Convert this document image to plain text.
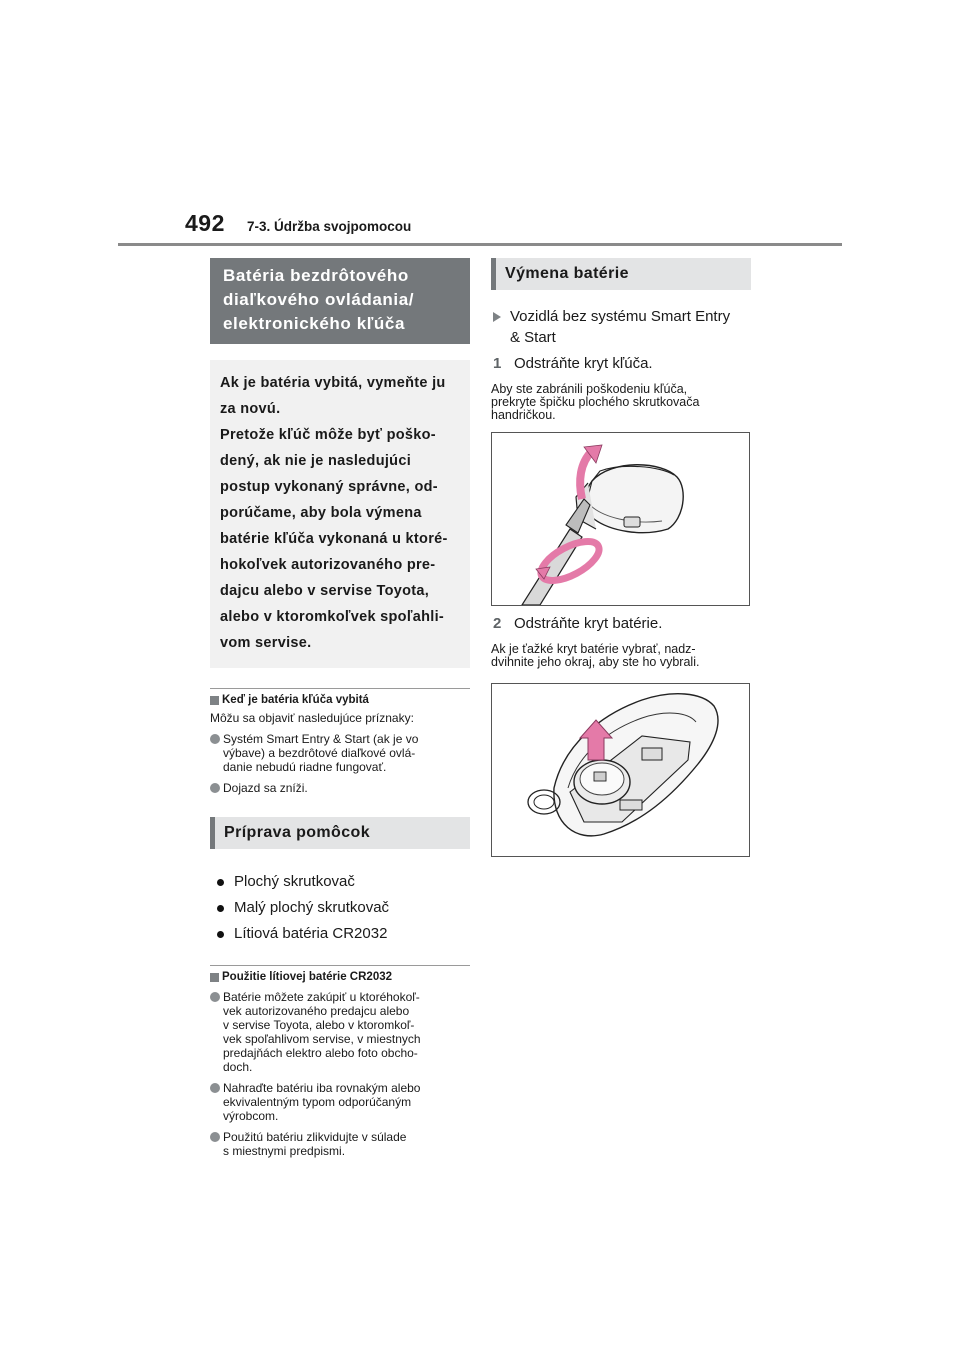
492 7-3. Údržba svojpomocou
Batéria bezdrôtového
diaľkového ovládania/
elektronického kľúča

Ak je batéria vybitá, vymeňte ju

za novú.

Pretože kľúč môže byť poško-

dený, ak nie je nasledujúci

postup vykonaný správne, od-

porúčame, aby bola výmena

batérie kľúča vykonaná u ktoré-

hokoľvek autorizovaného pre-

dajcu alebo v servise Toyota,

alebo v ktoromkoľvek spoľahli-

vom servise.

Keď je batéria kľúča vybitá
Môžu sa objaviť nasledujúce príznaky:
Systém Smart Entry & Start (ak je vo
výbave) a bezdrôtové diaľkové ovlá-
danie nebudú riadne fungovať.
Dojazd sa zníži.
Príprava pomôcok
Plochý skrutkovač
Malý plochý skrutkovač
Lítiová batéria CR2032
Použitie lítiovej batérie CR2032
Batérie môžete zakúpiť u ktoréhokoľ-
vek autorizovaného predajcu alebo
v servise Toyota, alebo v ktoromkoľ-
vek spoľahlivom servise, v miestnych
predajňách elektro alebo foto obcho-
doch.
Nahraďte batériu iba rovnakým alebo
ekvivalentným typom odporúčaným
výrobcom.
Použitú batériu zlikvidujte v súlade
s miestnymi predpismi.
Výmena batérie
Vozidlá bez systému Smart Entry
& Start
1 Odstráňte kryt kľúča.
Aby ste zabránili poškodeniu kľúča,
prekryte špičku plochého skrutkovača
handričkou.
2 Odstráňte kryt batérie.
Ak je ťažké kryt batérie vybrať, nadz-
dvihnite jeho okraj, aby ste ho vybrali.
